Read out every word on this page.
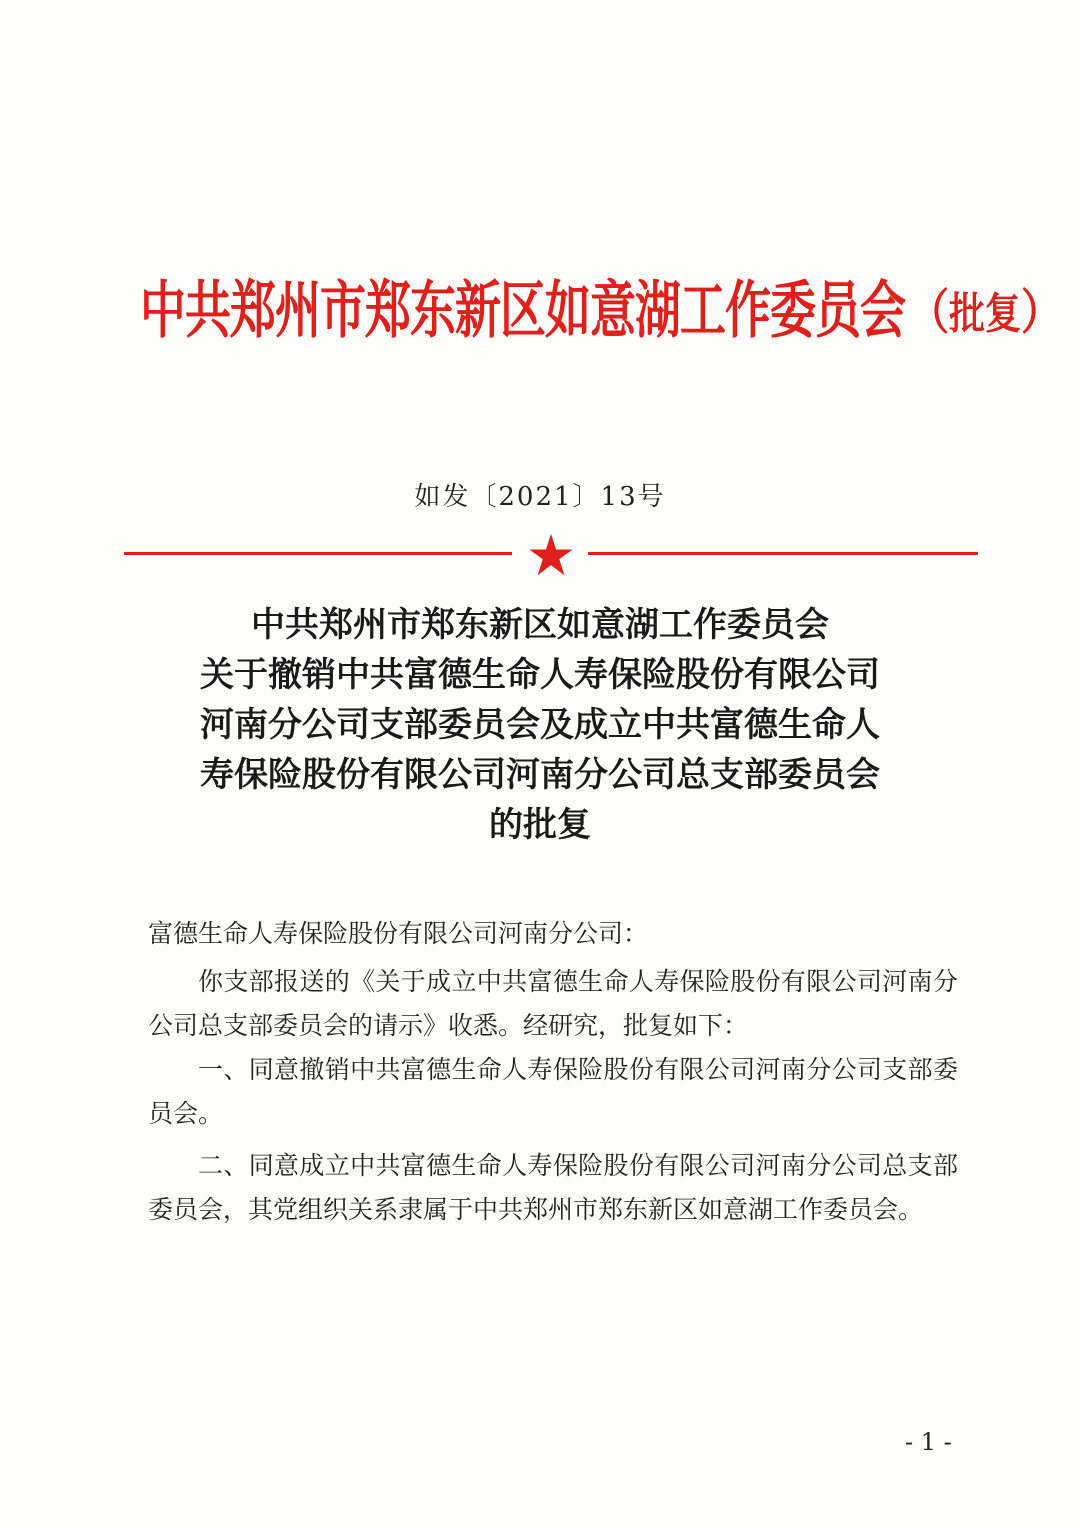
中共郑州市郑东新区如意湖工作委员会 （批复）
如发〔2021〕13号
中共郑州市郑东新区如意湖工作委员会
关于撤销中共富德生命人寿保险股份有限公司
河南分公司支部委员会及成立中共富德生命人
寿保险股份有限公司河南分公司总支部委员会
的批复

富德生命人寿保险股份有限公司河南分公司：

你支部报送的《关于成立中共富德生命人寿保险股份有限公司河南分公司总支部委员会的请示》收悉。经研究，批复如下：

一、同意撤销中共富德生命人寿保险股份有限公司河南分公司支部委员会。

二、同意成立中共富德生命人寿保险股份有限公司河南分公司总支部委员会，其党组织关系隶属于中共郑州市郑东新区如意湖工作委员会。

- 1 -
